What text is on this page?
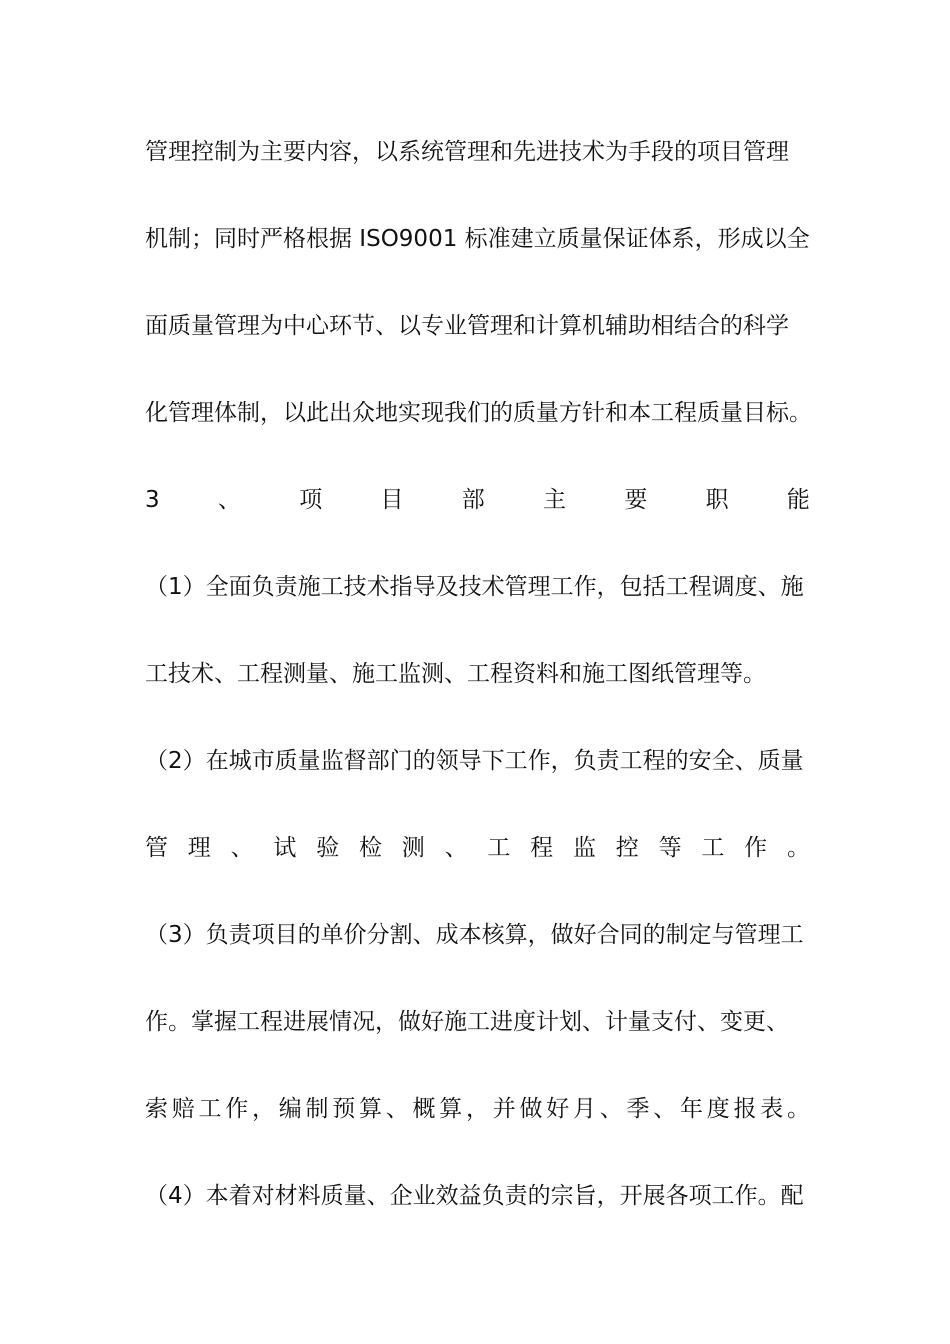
管理控制为主要内容，以系统管理和先进技术为手段的项目管理
机制；同时严格根据 ISO9001 标准建立质量保证体系，形成以全
面质量管理为中心环节、以专业管理和计算机辅助相结合的科学
化管理体制，以此出众地实现我们的质量方针和本工程质量目标。
3	、	项	目	部	主	要	职	能
（1）全面负责施工技术指导及技术管理工作，包括工程调度、施
工技术、工程测量、施工监测、工程资料和施工图纸管理等。
（2）在城市质量监督部门的领导下工作，负责工程的安全、质量
管 理 、 试 验 检 测 、 工 程 监 控 等 工 作 。
（3）负责项目的单价分割、成本核算，做好合同的制定与管理工
作。掌握工程进展情况，做好施工进度计划、计量支付、变更、
索 赔 工 作 ， 编 制 预 算 、 概 算 ， 并 做 好 月 、 季 、 年 度 报 表 。
（4）本着对材料质量、企业效益负责的宗旨，开展各项工作。配
